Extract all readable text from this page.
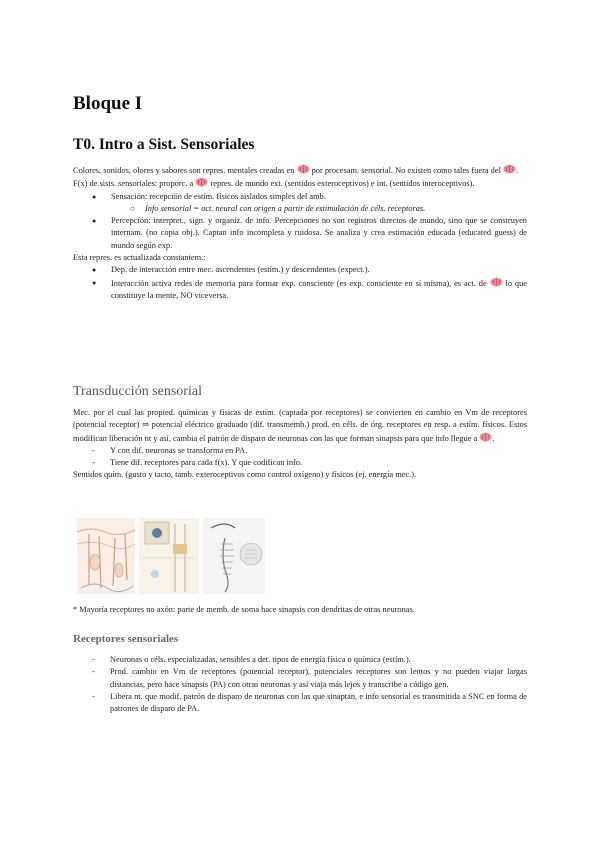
Bloque I
T0. Intro a Sist. Sensoriales

Colores, sonidos, olores y sabores son repres. mentales creadas en por procesam. sensorial. No existen como tales fuera del .

F(x) de sists. sensoriales: proporc. a repres. de mundo ext. (sentidos exteroceptivos) e int. (sentidos interoceptivos).

● Sensación: recepción de estím. físicos aislados simples del amb.
○ Info sensorial = act. neural con origen a partir de estimulación de céls. receptoras.
● Percepción: interpret., sign. y organiz. de info. Percepciones no son registros directos de mundo, sino que se construyen internam. (no copia obj.). Captan info incompleta y ruidosa. Se analiza y crea estimación educada (educated guess) de mundo según exp.

Esta repres. es actualizada constantem.:

● Dep. de interacción entre mec. ascendentes (estím.) y descendentes (expect.).
● Interacción activa redes de memoria para formar exp. consciente (es exp. consciente en sí misma), es act. de lo que constituye la mente, NO viceversa.
Transducción sensorial

Mec. por el cual las propied. químicas y físicas de estím. (captada por receptores) se convierten en cambio en Vm de receptores (potencial receptor) ⇒ potencial eléctrico graduado (dif. transmemb.) prod. en céls. de órg. receptores en resp. a estím. físicos. Estos modifican liberación nt y así, cambia el patrón de disparo de neuronas con las que forman sinapsis para que info llegue a .

- Y con dif. neuronas se transforma en PA.
- Tiene dif. receptores para cada f(x). Y que codifican info.

Sentidos quím. (gusto y tacto, tamb. exteroceptivos como control oxígeno) y físicos (ej. energía mec.).

* Mayoría receptores no axón: parte de memb. de soma hace sinapsis con dendritas de otras neuronas.

Receptores sensoriales
- Neuronas o céls. especializadas, sensibles a det. tipos de energía física o química (estím.).
- Prod. cambio en Vm de receptores (potencial receptor), potenciales receptores son lentos y no pueden viajar largas distancias, pero hace sinapsis (PA) con otras neuronas y así viaja más lejos y transcribe a código gen.
- Libera nt. que modif. patrón de disparo de neuronas con las que sinaptan, e info sensorial es transmitida a SNC en forma de patrones de disparo de PA.
